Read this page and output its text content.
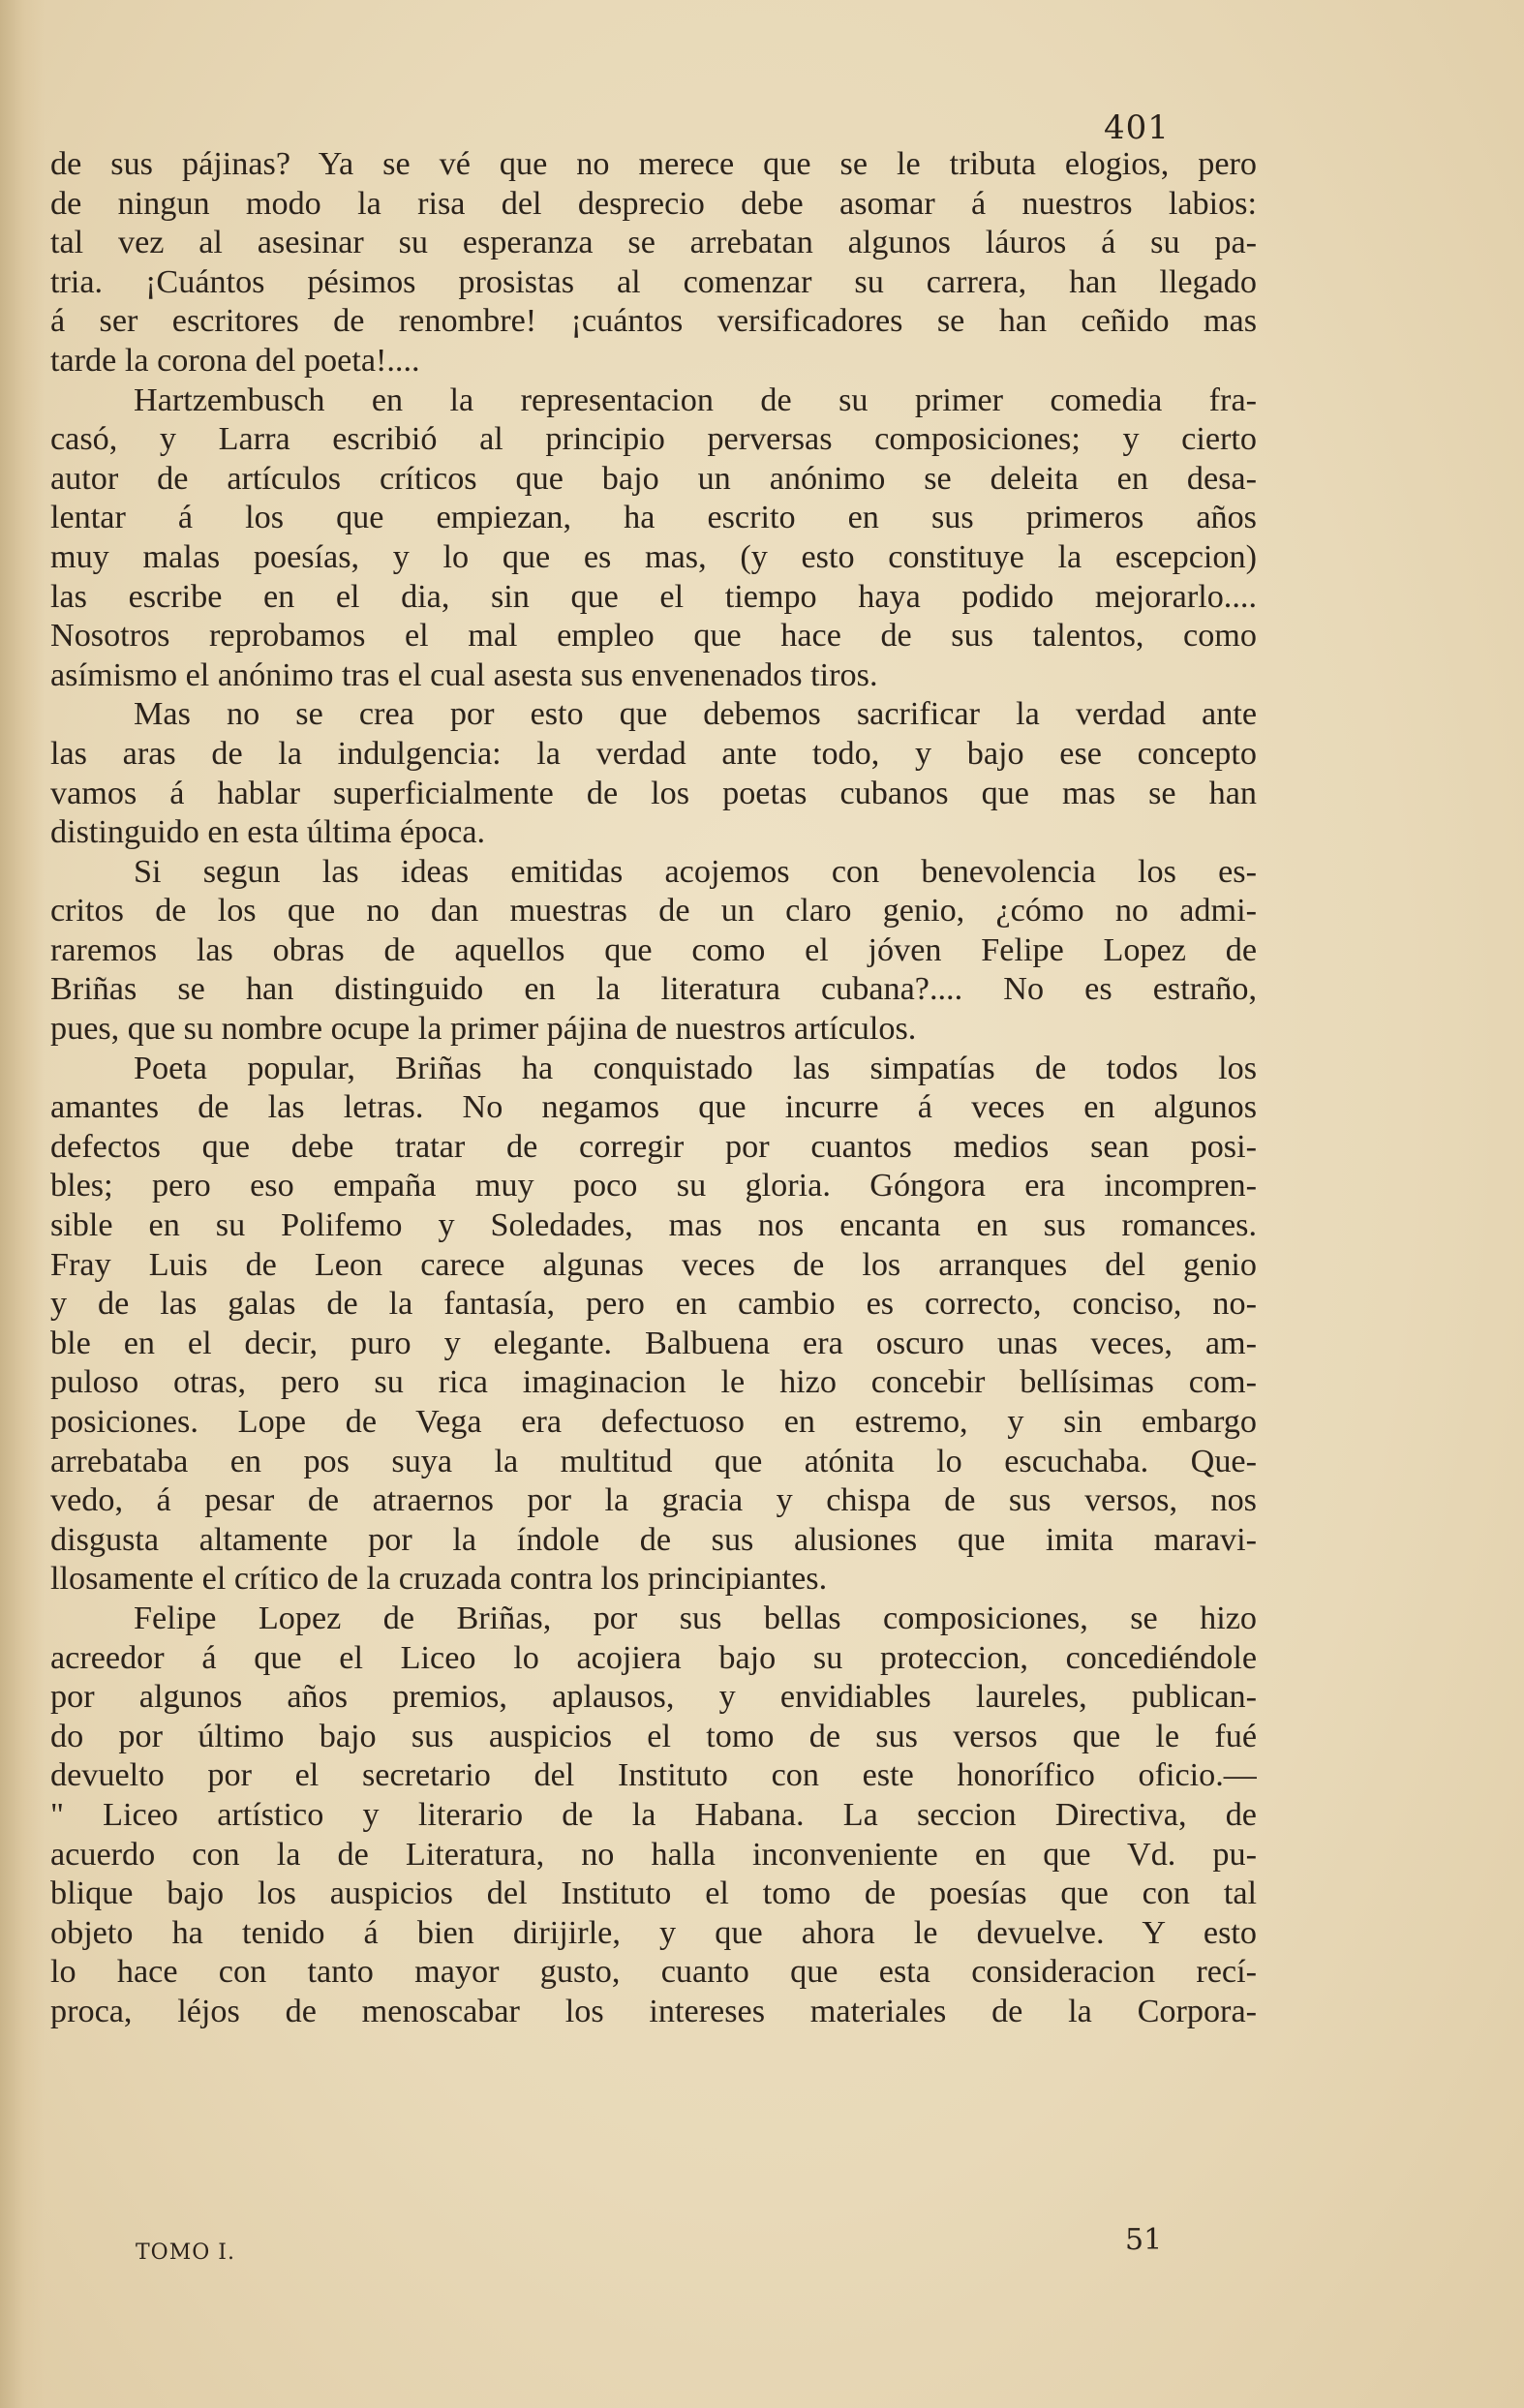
401
de sus pájinas? Ya se vé que no merece que se le tributa elogios, pero
de ningun modo la risa del desprecio debe asomar á nuestros labios:
tal vez al asesinar su esperanza se arrebatan algunos láuros á su pa-
tria. ¡Cuántos pésimos prosistas al comenzar su carrera, han llegado
á ser escritores de renombre! ¡cuántos versificadores se han ceñido mas
tarde la corona del poeta!....
Hartzembusch en la representacion de su primer comedia fra-
casó, y Larra escribió al principio perversas composiciones; y cierto
autor de artículos críticos que bajo un anónimo se deleita en desa-
lentar á los que empiezan, ha escrito en sus primeros años
muy malas poesías, y lo que es mas, (y esto constituye la escepcion)
las escribe en el dia, sin que el tiempo haya podido mejorarlo....
Nosotros reprobamos el mal empleo que hace de sus talentos, como
asímismo el anónimo tras el cual asesta sus envenenados tiros.
Mas no se crea por esto que debemos sacrificar la verdad ante
las aras de la indulgencia: la verdad ante todo, y bajo ese concepto
vamos á hablar superficialmente de los poetas cubanos que mas se han
distinguido en esta última época.
Si segun las ideas emitidas acojemos con benevolencia los es-
critos de los que no dan muestras de un claro genio, ¿cómo no admi-
raremos las obras de aquellos que como el jóven Felipe Lopez de
Briñas se han distinguido en la literatura cubana?.... No es estraño,
pues, que su nombre ocupe la primer pájina de nuestros artículos.
Poeta popular, Briñas ha conquistado las simpatías de todos los
amantes de las letras. No negamos que incurre á veces en algunos
defectos que debe tratar de corregir por cuantos medios sean posi-
bles; pero eso empaña muy poco su gloria. Góngora era incompren-
sible en su Polifemo y Soledades, mas nos encanta en sus romances.
Fray Luis de Leon carece algunas veces de los arranques del genio
y de las galas de la fantasía, pero en cambio es correcto, conciso, no-
ble en el decir, puro y elegante. Balbuena era oscuro unas veces, am-
puloso otras, pero su rica imaginacion le hizo concebir bellísimas com-
posiciones. Lope de Vega era defectuoso en estremo, y sin embargo
arrebataba en pos suya la multitud que atónita lo escuchaba. Que-
vedo, á pesar de atraernos por la gracia y chispa de sus versos, nos
disgusta altamente por la índole de sus alusiones que imita maravi-
llosamente el crítico de la cruzada contra los principiantes.
Felipe Lopez de Briñas, por sus bellas composiciones, se hizo
acreedor á que el Liceo lo acojiera bajo su proteccion, concediéndole
por algunos años premios, aplausos, y envidiables laureles, publican-
do por último bajo sus auspicios el tomo de sus versos que le fué
devuelto por el secretario del Instituto con este honorífico oficio.—
" Liceo artístico y literario de la Habana. La seccion Directiva, de
acuerdo con la de Literatura, no halla inconveniente en que Vd. pu-
blique bajo los auspicios del Instituto el tomo de poesías que con tal
objeto ha tenido á bien dirijirle, y que ahora le devuelve. Y esto
lo hace con tanto mayor gusto, cuanto que esta consideracion recí-
proca, léjos de menoscabar los intereses materiales de la Corpora-
TOMO I.	51
